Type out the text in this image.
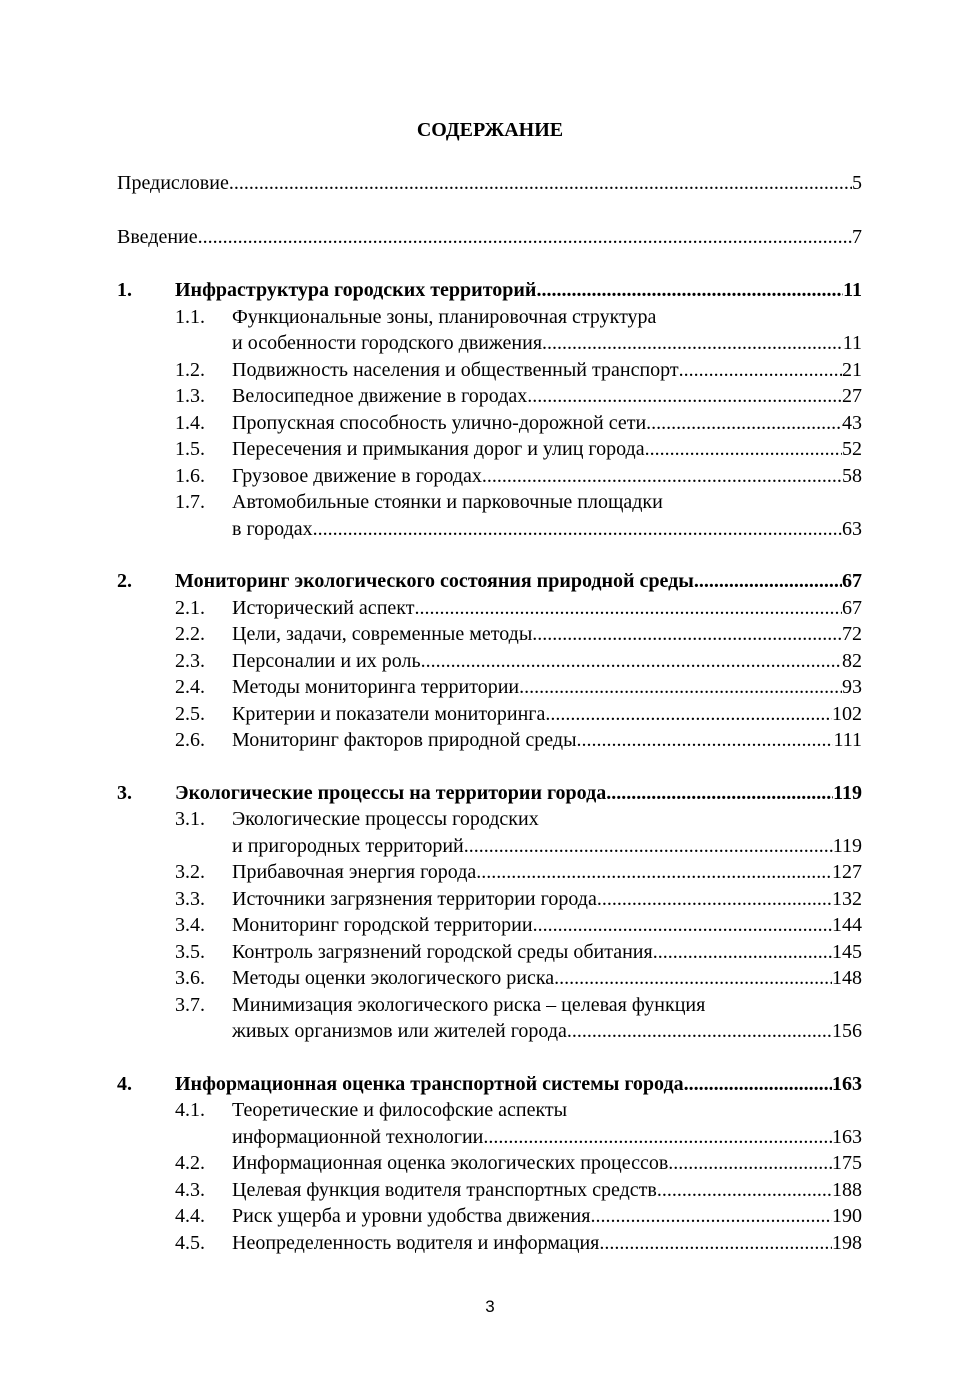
СОДЕРЖАНИЕ
Предисловие .....	5
Введение .....	7
1.	Инфраструктура городских территорий .....	11
1.1.	Функциональные зоны, планировочная структура
и особенности городского движения .....	11
1.2.	Подвижность населения и общественный транспорт .....	21
1.3.	Велосипедное движение в городах .....	27
1.4.	Пропускная способность улично-дорожной сети .....	43
1.5.	Пересечения и примыкания дорог и улиц города .....	52
1.6.	Грузовое движение в городах .....	58
1.7.	Автомобильные стоянки и парковочные площадки
в городах .....	63
2.	Мониторинг экологического состояния природной среды .....	67
2.1.	Исторический аспект .....	67
2.2.	Цели, задачи, современные методы .....	72
2.3.	Персоналии и их роль .....	82
2.4.	Методы мониторинга территории .....	93
2.5.	Критерии и показатели мониторинга .....	102
2.6.	Мониторинг факторов природной среды .....	111
3.	Экологические процессы на территории города .....	119
3.1.	Экологические процессы городских
и пригородных территорий .....	119
3.2.	Прибавочная энергия города .....	127
3.3.	Источники загрязнения территории города .....	132
3.4.	Мониторинг городской территории .....	144
3.5.	Контроль загрязнений городской среды обитания .....	145
3.6.	Методы оценки экологического риска .....	148
3.7.	Минимизация экологического риска – целевая функция
живых организмов или жителей города .....	156
4.	Информационная оценка транспортной системы города .....	163
4.1.	Теоретические и философские аспекты
информационной технологии .....	163
4.2.	Информационная оценка экологических процессов .....	175
4.3.	Целевая функция водителя транспортных средств .....	188
4.4.	Риск ущерба и уровни удобства движения .....	190
4.5.	Неопределенность водителя и информация .....	198
3
